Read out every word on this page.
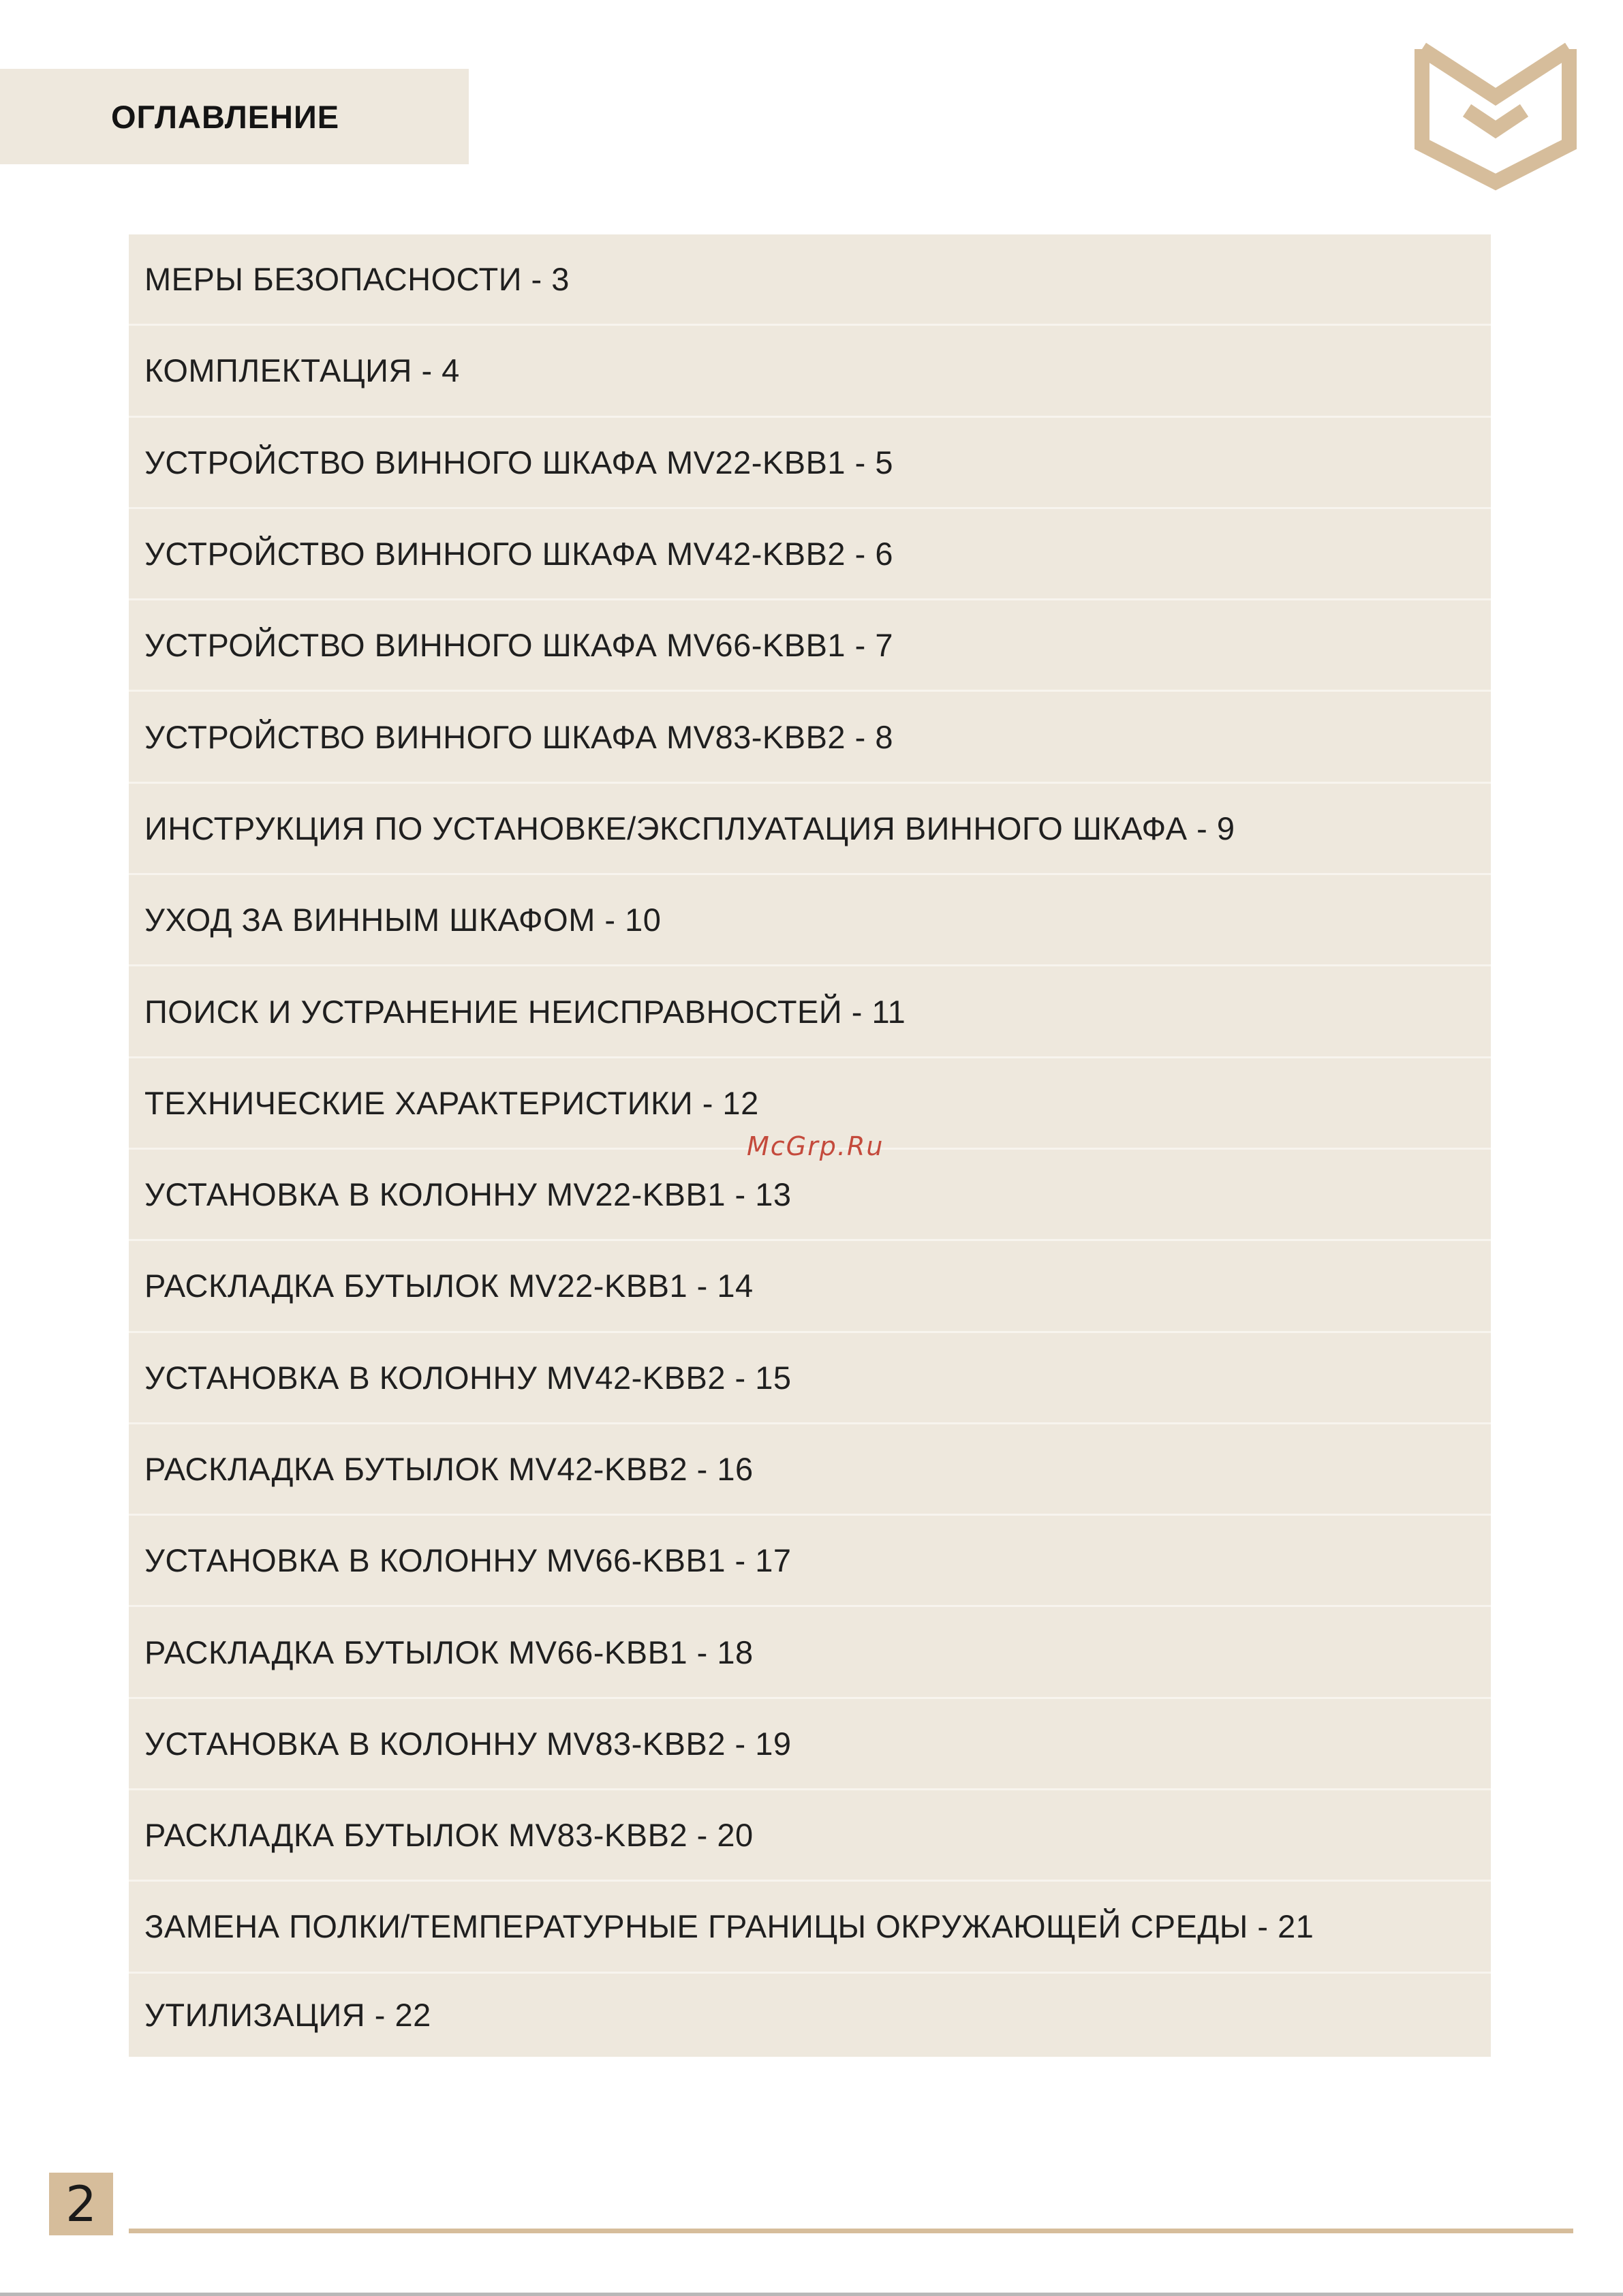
ОГЛАВЛЕНИЕ
МЕРЫ БЕЗОПАСНОСТИ - 3
КОМПЛЕКТАЦИЯ - 4
УСТРОЙСТВО ВИННОГО ШКАФА MV22-KBB1 - 5
УСТРОЙСТВО ВИННОГО ШКАФА MV42-KBB2 - 6
УСТРОЙСТВО ВИННОГО ШКАФА MV66-KBB1 - 7
УСТРОЙСТВО ВИННОГО ШКАФА MV83-KBB2 - 8
ИНСТРУКЦИЯ ПО УСТАНОВКЕ/ЭКСПЛУАТАЦИЯ ВИННОГО ШКАФА - 9
УХОД ЗА ВИННЫМ ШКАФОМ - 10
ПОИСК И УСТРАНЕНИЕ НЕИСПРАВНОСТЕЙ - 11
ТЕХНИЧЕСКИЕ ХАРАКТЕРИСТИКИ - 12
УСТАНОВКА В КОЛОННУ MV22-KBB1 - 13
РАСКЛАДКА БУТЫЛОК MV22-KBB1 - 14
УСТАНОВКА В КОЛОННУ MV42-KBB2 - 15
РАСКЛАДКА БУТЫЛОК MV42-KBB2 - 16
УСТАНОВКА В КОЛОННУ MV66-KBB1 - 17
РАСКЛАДКА БУТЫЛОК MV66-KBB1 - 18
УСТАНОВКА В КОЛОННУ MV83-KBB2 - 19
РАСКЛАДКА БУТЫЛОК MV83-KBB2 - 20
ЗАМЕНА ПОЛКИ/ТЕМПЕРАТУРНЫЕ ГРАНИЦЫ ОКРУЖАЮЩЕЙ СРЕДЫ - 21
УТИЛИЗАЦИЯ - 22
McGrp.Ru
2
